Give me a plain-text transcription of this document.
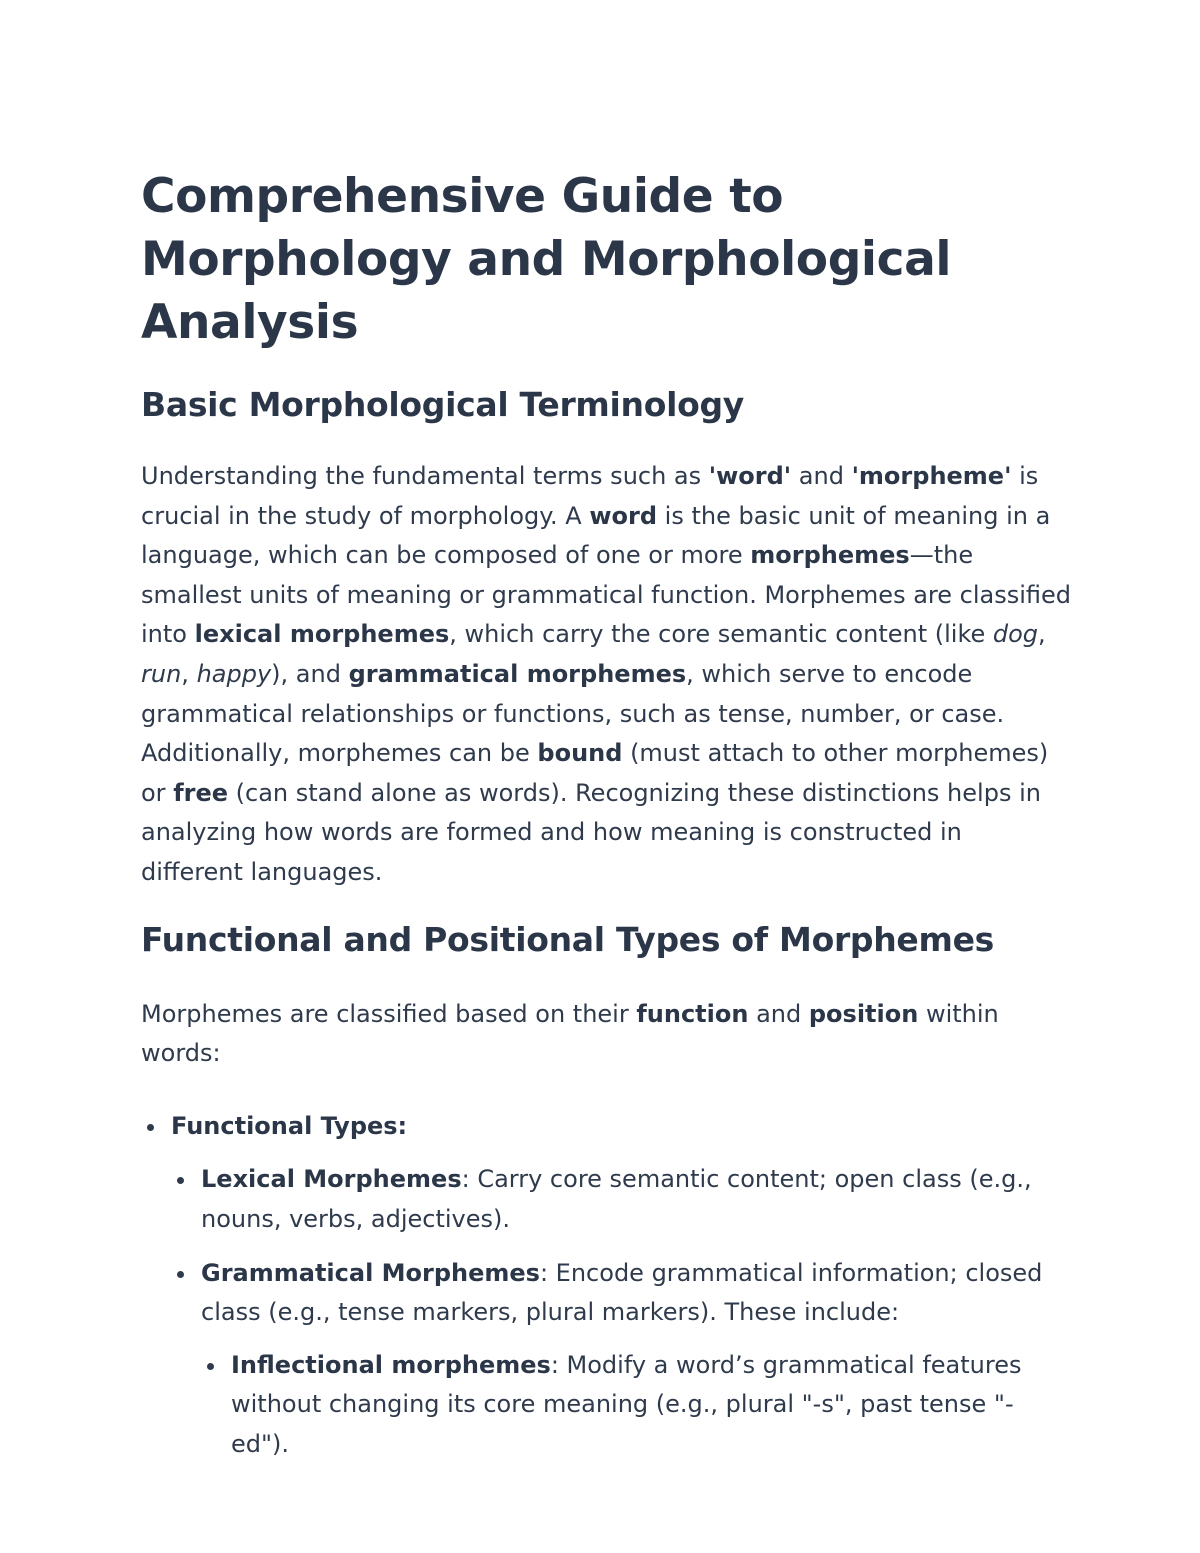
Comprehensive Guide to Morphology and Morphological Analysis
Basic Morphological Terminology

Understanding the fundamental terms such as 'word' and 'morpheme' is crucial in the study of morphology. A word is the basic unit of meaning in a language, which can be composed of one or more morphemes—the smallest units of meaning or grammatical function. Morphemes are classified into lexical morphemes, which carry the core semantic content (like dog, run, happy), and grammatical morphemes, which serve to encode grammatical relationships or functions, such as tense, number, or case. Additionally, morphemes can be bound (must attach to other morphemes) or free (can stand alone as words). Recognizing these distinctions helps in analyzing how words are formed and how meaning is constructed in different languages.

Functional and Positional Types of Morphemes

Morphemes are classified based on their function and position within words:

Functional Types:
Lexical Morphemes: Carry core semantic content; open class (e.g., nouns, verbs, adjectives).
Grammatical Morphemes: Encode grammatical information; closed class (e.g., tense markers, plural markers). These include:
Inflectional morphemes: Modify a word’s grammatical features without changing its core meaning (e.g., plural "-s", past tense "-ed").
